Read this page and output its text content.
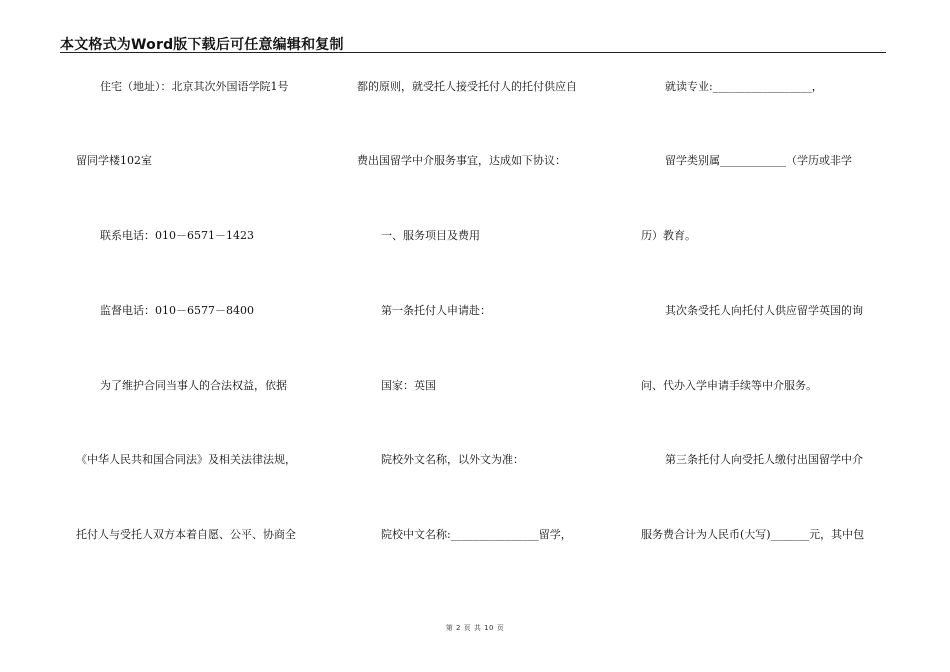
本文格式为Word版下载后可任意编辑和复制
住宅（地址）：北京其次外国语学院1号
留同学楼102室
联系电话：010－6571－1423
监督电话：010－6577－8400
为了维护合同当事人的合法权益，依据
《中华人民共和国合同法》及相关法律法规，
托付人与受托人双方本着自愿、公平、协商全
都的原则，就受托人接受托付人的托付供应自
费出国留学中介服务事宜，达成如下协议：
一、服务项目及费用
第一条托付人申请赴：
国家：英国
院校外文名称，以外文为准：
院校中文名称:________________留学，
就读专业:__________________，
留学类别属____________（学历或非学
历）教育。
其次条受托人向托付人供应留学英国的询
问、代办入学申请手续等中介服务。
第三条托付人向受托人缴付出国留学中介
服务费合计为人民币(大写)_______元，其中包
第 2 页 共 10 页
